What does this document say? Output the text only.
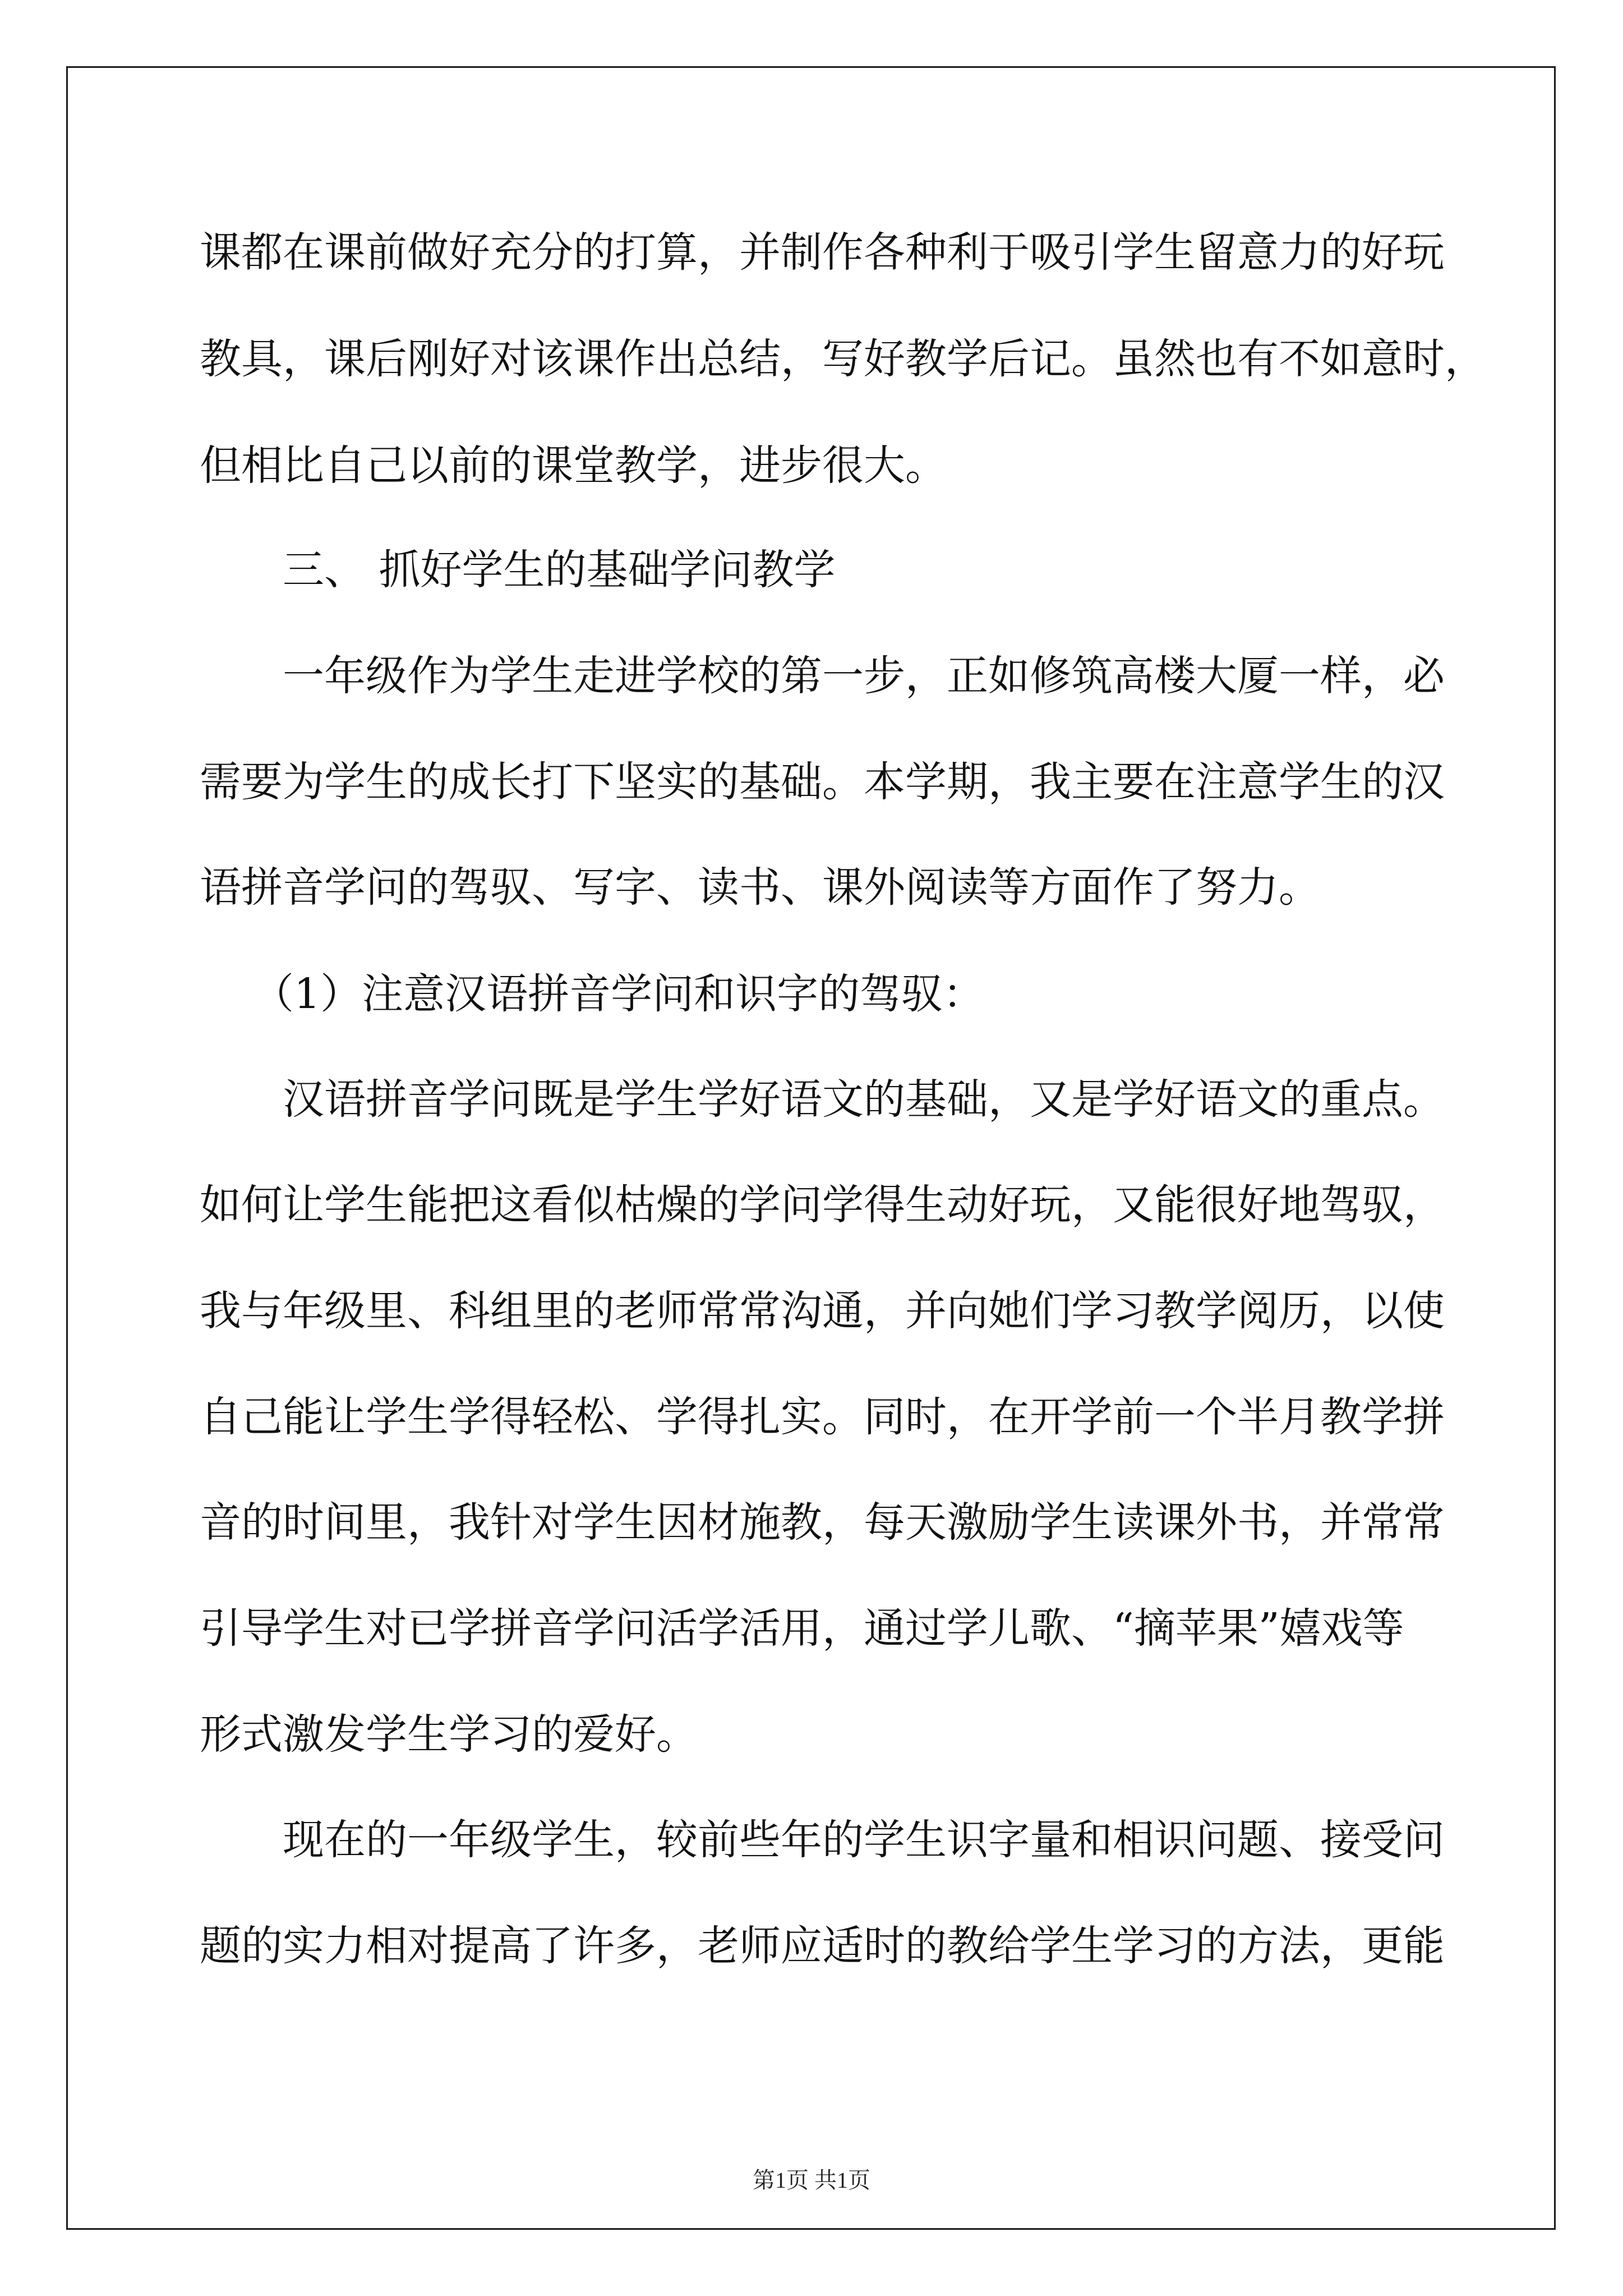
课都在课前做好充分的打算，并制作各种利于吸引学生留意力的好玩

教具，课后刚好对该课作出总结，写好教学后记。虽然也有不如意时，

但相比自己以前的课堂教学，进步很大。

三、 抓好学生的基础学问教学

一年级作为学生走进学校的第一步，正如修筑高楼大厦一样，必

需要为学生的成长打下坚实的基础。本学期，我主要在注意学生的汉

语拼音学问的驾驭、写字、读书、课外阅读等方面作了努力。

（1）注意汉语拼音学问和识字的驾驭：

汉语拼音学问既是学生学好语文的基础，又是学好语文的重点。

如何让学生能把这看似枯燥的学问学得生动好玩，又能很好地驾驭，

我与年级里、科组里的老师常常沟通，并向她们学习教学阅历，以使

自己能让学生学得轻松、学得扎实。同时，在开学前一个半月教学拼

音的时间里，我针对学生因材施教，每天激励学生读课外书，并常常

引导学生对已学拼音学问活学活用，通过学儿歌、“摘苹果”嬉戏等

形式激发学生学习的爱好。

现在的一年级学生，较前些年的学生识字量和相识问题、接受问

题的实力相对提高了许多，老师应适时的教给学生学习的方法，更能

第1页 共1页
